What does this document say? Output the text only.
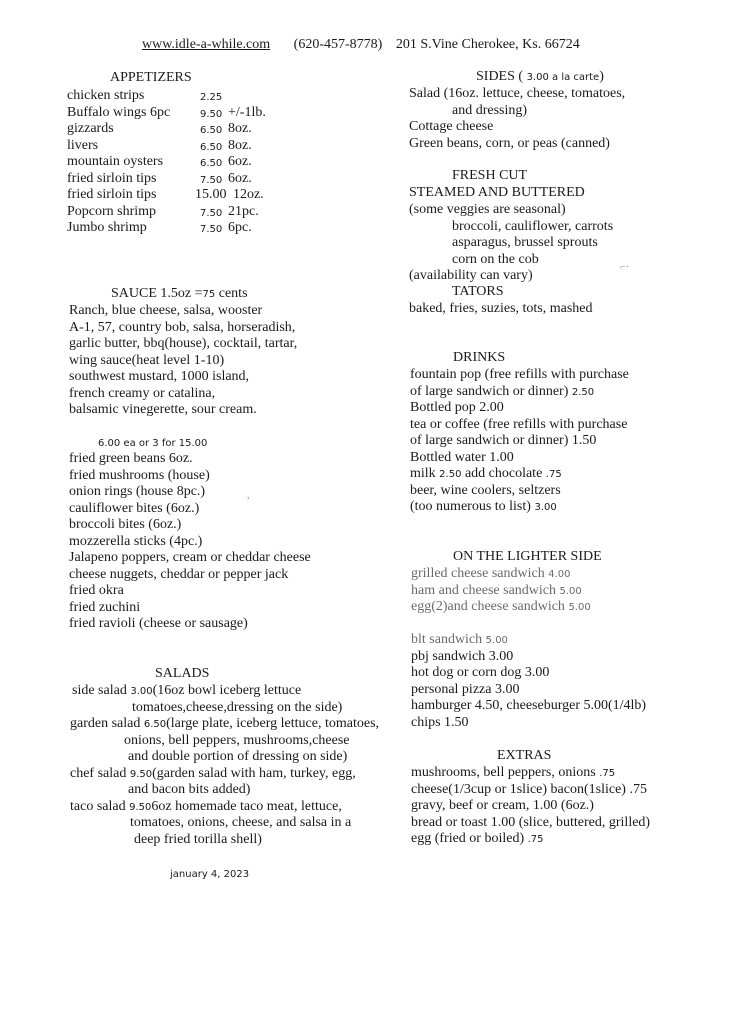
www.idle-a-while.com (620-457-8778) 201 S.Vine Cherokee, Ks. 66724
APPETIZERS
chicken strips	2.25
Buffalo wings 6pc	9.50 +/-1lb.
gizzards	6.50 8oz.
livers	6.50 8oz.
mountain oysters	6.50 6oz.
fried sirloin tips	7.50 6oz.
fried sirloin tips	15.00 12oz.
Popcorn shrimp	7.50 21pc.
Jumbo shrimp	7.50 6pc.
SAUCE 1.5oz =75 cents
Ranch, blue cheese, salsa, wooster
A-1, 57, country bob, salsa, horseradish,
garlic butter, bbq(house), cocktail, tartar,
wing sauce(heat level 1-10)
southwest mustard, 1000 island,
french creamy or catalina,
balsamic vinegerette, sour cream.
6.00 ea or 3 for 15.00
fried green beans 6oz.
fried mushrooms (house)
onion rings (house 8pc.)
cauliflower bites (6oz.)
broccoli bites (6oz.)
mozzerella sticks (4pc.)
Jalapeno poppers, cream or cheddar cheese
cheese nuggets, cheddar or pepper jack
fried okra
fried zuchini
fried ravioli (cheese or sausage)
,
SALADS
side salad 3.00(16oz bowl iceberg lettuce
tomatoes,cheese,dressing on the side)
garden salad 6.50(large plate, iceberg lettuce, tomatoes,
onions, bell peppers, mushrooms,cheese
and double portion of dressing on side)
chef salad 9.50(garden salad with ham, turkey, egg,
and bacon bits added)
taco salad 9.506oz homemade taco meat, lettuce,
tomatoes, onions, cheese, and salsa in a
deep fried torilla shell)
january 4, 2023
SIDES ( 3.00 a la carte)
Salad (16oz. lettuce, cheese, tomatoes,
and dressing)
Cottage cheese
Green beans, corn, or peas (canned)
FRESH CUT
STEAMED AND BUTTERED
(some veggies are seasonal)
broccoli, cauliflower, carrots
asparagus, brussel sprouts
corn on the cob
(availability can vary)
⌐·
TATORS
baked, fries, suzies, tots, mashed
DRINKS
fountain pop (free refills with purchase
of large sandwich or dinner) 2.50
Bottled pop 2.00
tea or coffee (free refills with purchase
of large sandwich or dinner) 1.50
Bottled water 1.00
milk 2.50 add chocolate .75
beer, wine coolers, seltzers
(too numerous to list) 3.00
ON THE LIGHTER SIDE
grilled cheese sandwich 4.00
ham and cheese sandwich 5.00
egg(2)and cheese sandwich 5.00
blt sandwich 5.00
pbj sandwich 3.00
hot dog or corn dog 3.00
personal pizza 3.00
hamburger 4.50, cheeseburger 5.00(1/4lb)
chips 1.50
EXTRAS
mushrooms, bell peppers, onions .75
cheese(1/3cup or 1slice) bacon(1slice) .75
gravy, beef or cream, 1.00 (6oz.)
bread or toast 1.00 (slice, buttered, grilled)
egg (fried or boiled) .75
